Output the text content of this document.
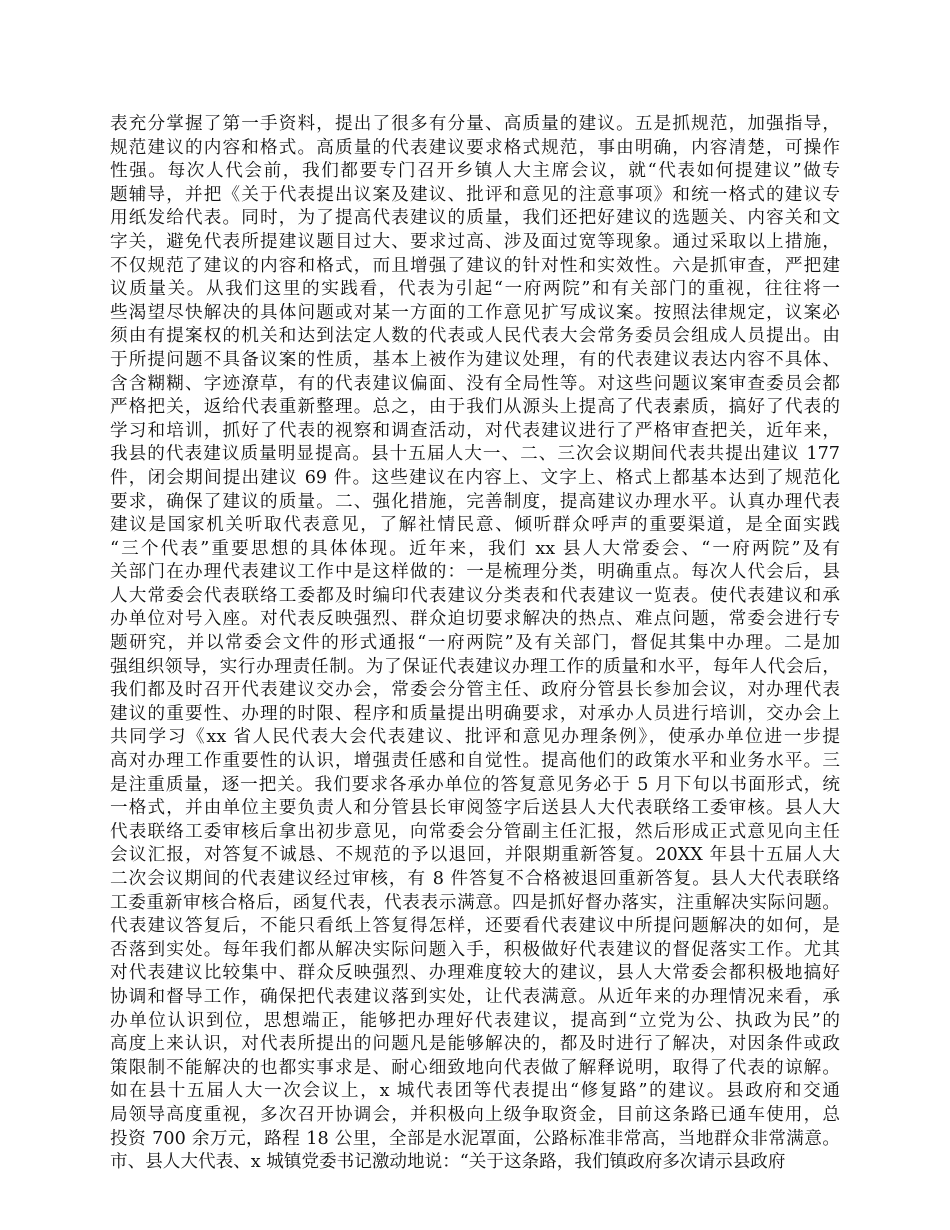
表充分掌握了第一手资料，提出了很多有分量、高质量的建议。五是抓规范，加强指导，
规范建议的内容和格式。高质量的代表建议要求格式规范，事由明确，内容清楚，可操作
性强。每次人代会前，我们都要专门召开乡镇人大主席会议，就“代表如何提建议”做专
题辅导，并把《关于代表提出议案及建议、批评和意见的注意事项》和统一格式的建议专
用纸发给代表。同时，为了提高代表建议的质量，我们还把好建议的选题关、内容关和文
字关，避免代表所提建议题目过大、要求过高、涉及面过宽等现象。通过采取以上措施，
不仅规范了建议的内容和格式，而且增强了建议的针对性和实效性。六是抓审查，严把建
议质量关。从我们这里的实践看，代表为引起“一府两院”和有关部门的重视，往往将一
些渴望尽快解决的具体问题或对某一方面的工作意见扩写成议案。按照法律规定，议案必
须由有提案权的机关和达到法定人数的代表或人民代表大会常务委员会组成人员提出。由
于所提问题不具备议案的性质，基本上被作为建议处理，有的代表建议表达内容不具体、
含含糊糊、字迹潦草，有的代表建议偏面、没有全局性等。对这些问题议案审查委员会都
严格把关，返给代表重新整理。总之，由于我们从源头上提高了代表素质，搞好了代表的
学习和培训，抓好了代表的视察和调查活动，对代表建议进行了严格审查把关，近年来，
我县的代表建议质量明显提高。县十五届人大一、二、三次会议期间代表共提出建议 177
件，闭会期间提出建议 69 件。这些建议在内容上、文字上、格式上都基本达到了规范化
要求，确保了建议的质量。二、强化措施，完善制度，提高建议办理水平。认真办理代表
建议是国家机关听取代表意见，了解社情民意、倾听群众呼声的重要渠道，是全面实践
“三个代表”重要思想的具体体现。近年来，我们 xx 县人大常委会、“一府两院”及有
关部门在办理代表建议工作中是这样做的：一是梳理分类，明确重点。每次人代会后，县
人大常委会代表联络工委都及时编印代表建议分类表和代表建议一览表。使代表建议和承
办单位对号入座。对代表反映强烈、群众迫切要求解决的热点、难点问题，常委会进行专
题研究，并以常委会文件的形式通报“一府两院”及有关部门，督促其集中办理。二是加
强组织领导，实行办理责任制。为了保证代表建议办理工作的质量和水平，每年人代会后，
我们都及时召开代表建议交办会，常委会分管主任、政府分管县长参加会议，对办理代表
建议的重要性、办理的时限、程序和质量提出明确要求，对承办人员进行培训，交办会上
共同学习《xx 省人民代表大会代表建议、批评和意见办理条例》，使承办单位进一步提
高对办理工作重要性的认识，增强责任感和自觉性。提高他们的政策水平和业务水平。三
是注重质量，逐一把关。我们要求各承办单位的答复意见务必于 5 月下旬以书面形式，统
一格式，并由单位主要负责人和分管县长审阅签字后送县人大代表联络工委审核。县人大
代表联络工委审核后拿出初步意见，向常委会分管副主任汇报，然后形成正式意见向主任
会议汇报，对答复不诚恳、不规范的予以退回，并限期重新答复。20XX 年县十五届人大
二次会议期间的代表建议经过审核，有 8 件答复不合格被退回重新答复。县人大代表联络
工委重新审核合格后，函复代表，代表表示满意。四是抓好督办落实，注重解决实际问题。
代表建议答复后，不能只看纸上答复得怎样，还要看代表建议中所提问题解决的如何，是
否落到实处。每年我们都从解决实际问题入手，积极做好代表建议的督促落实工作。尤其
对代表建议比较集中、群众反映强烈、办理难度较大的建议，县人大常委会都积极地搞好
协调和督导工作，确保把代表建议落到实处，让代表满意。从近年来的办理情况来看，承
办单位认识到位，思想端正，能够把办理好代表建议，提高到“立党为公、执政为民”的
高度上来认识，对代表所提出的问题凡是能够解决的，都及时进行了解决，对因条件或政
策限制不能解决的也都实事求是、耐心细致地向代表做了解释说明，取得了代表的谅解。
如在县十五届人大一次会议上，x 城代表团等代表提出“修复路”的建议。县政府和交通
局领导高度重视，多次召开协调会，并积极向上级争取资金，目前这条路已通车使用，总
投资 700 余万元，路程 18 公里，全部是水泥罩面，公路标准非常高，当地群众非常满意。
市、县人大代表、x 城镇党委书记激动地说：“关于这条路，我们镇政府多次请示县政府
